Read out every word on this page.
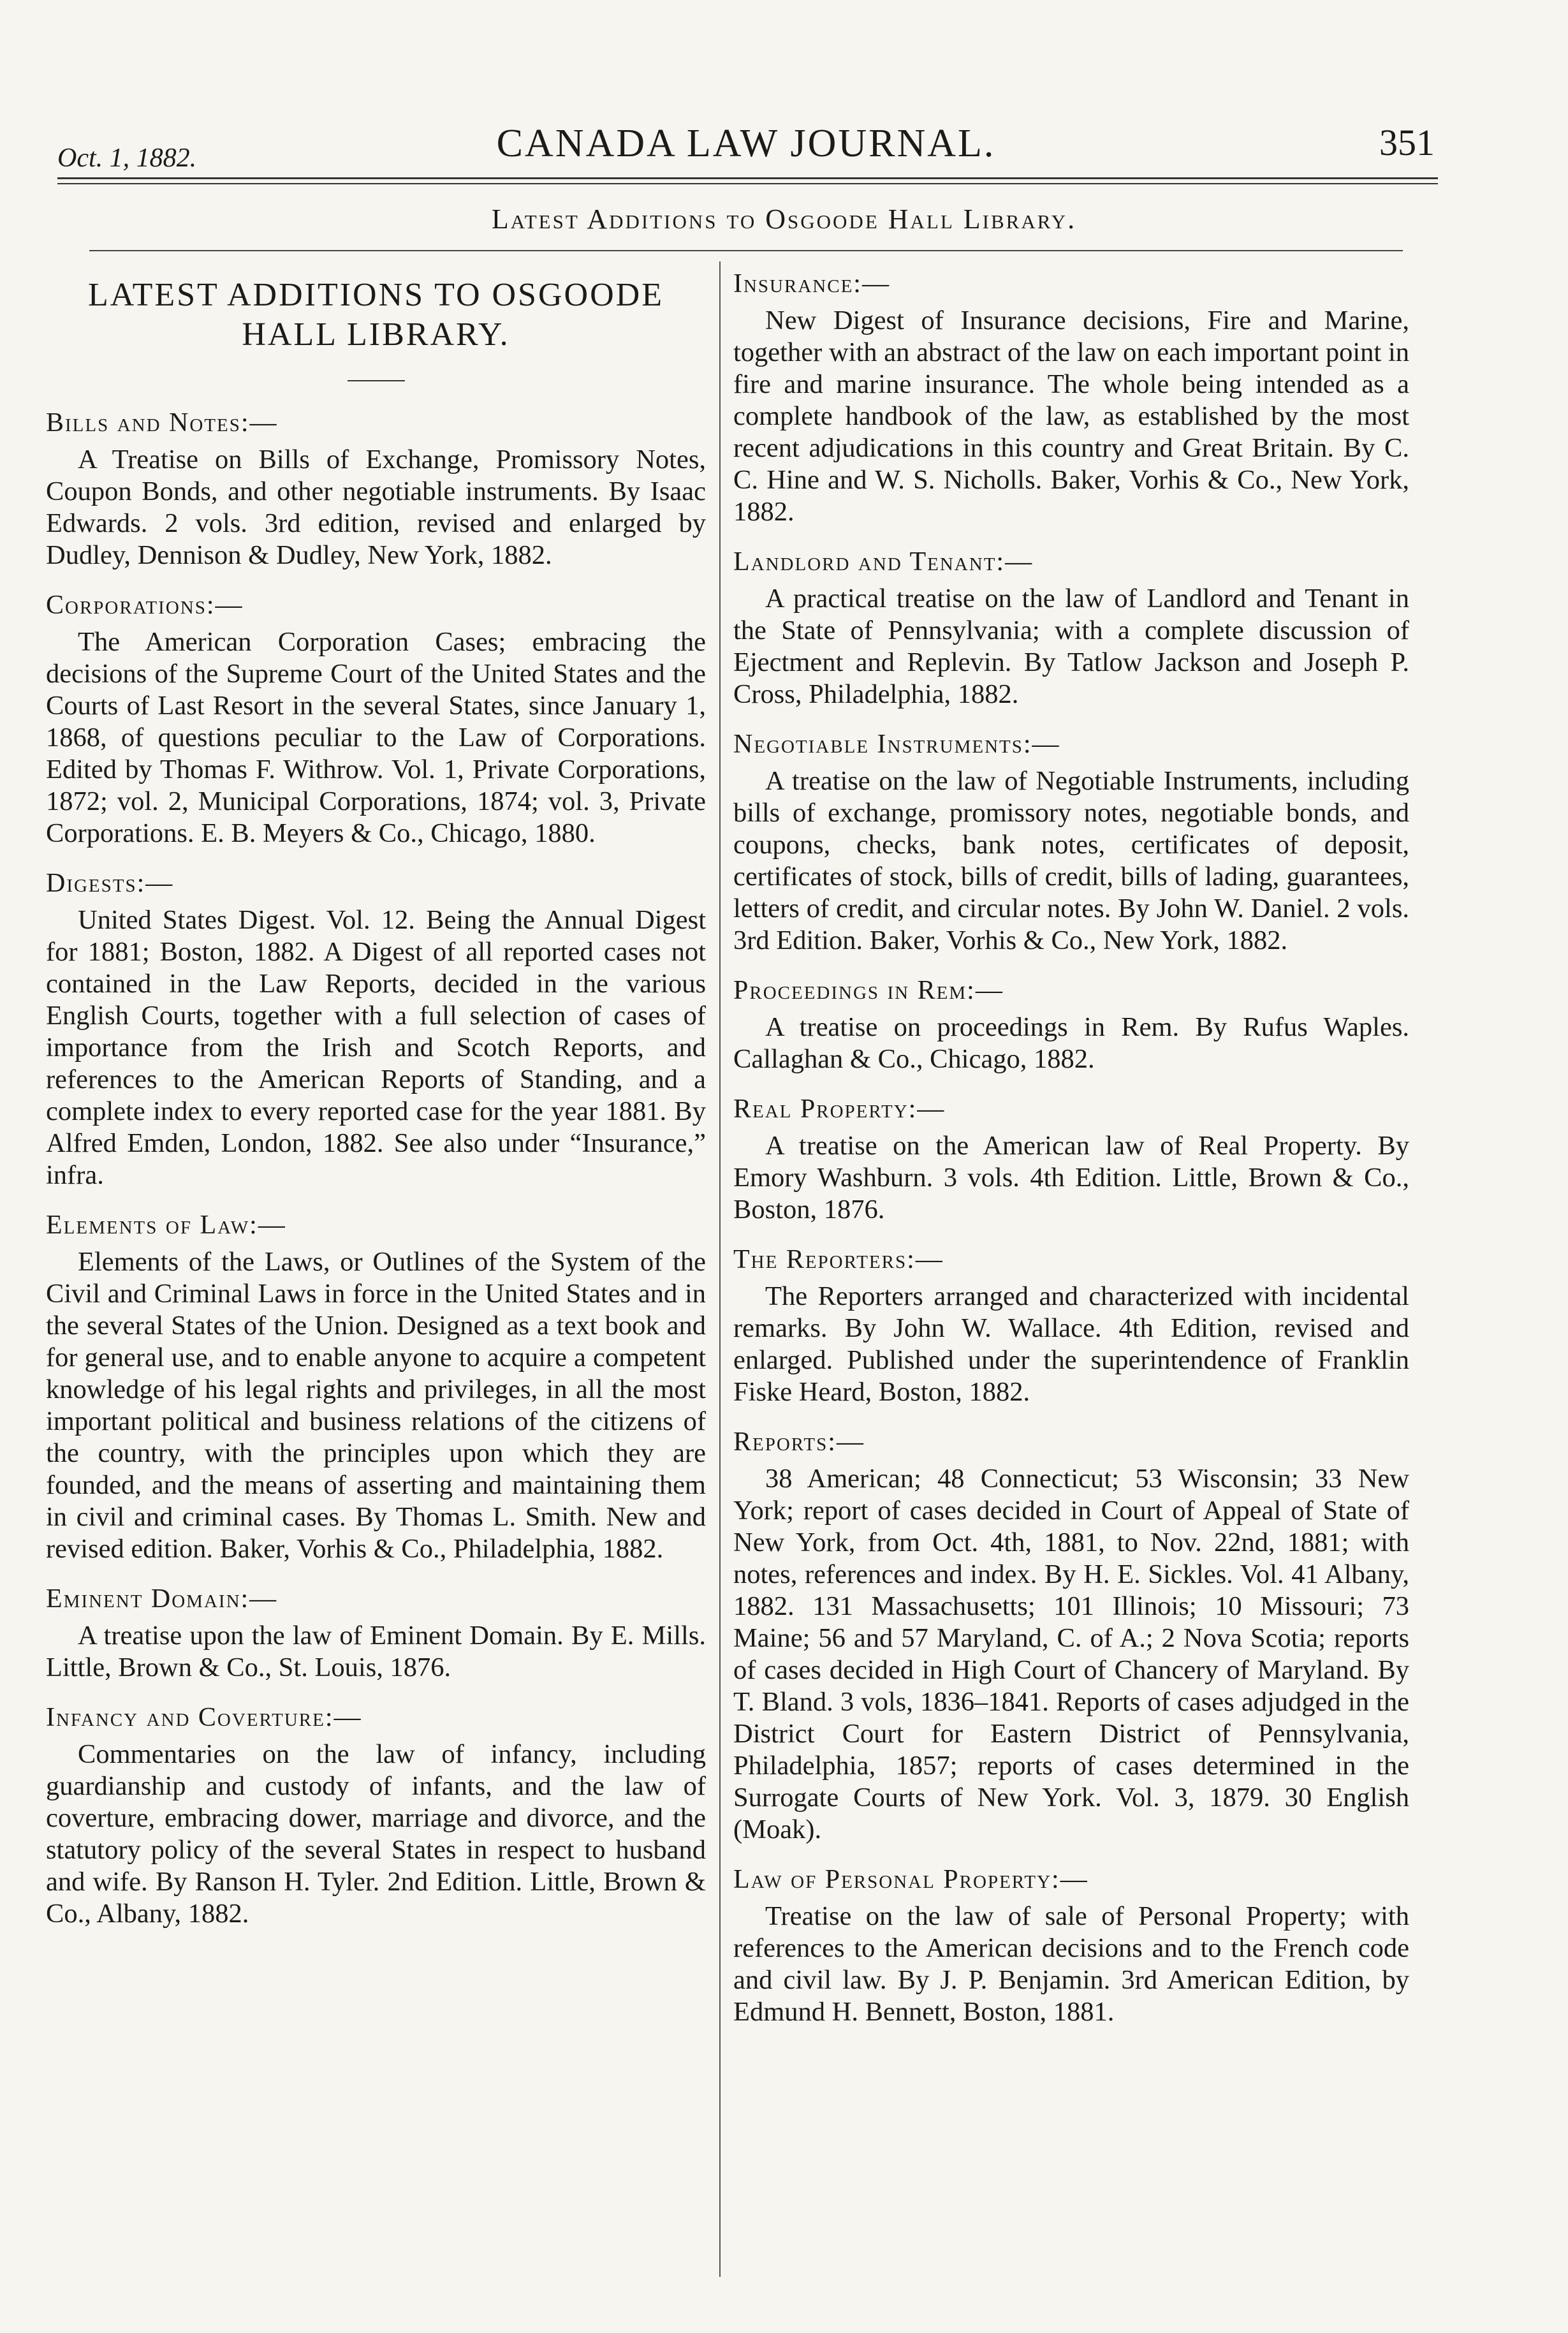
Oct. 1, 1882.	CANADA LAW JOURNAL.	351
Latest Additions to Osgoode Hall Library.
LATEST ADDITIONS TO OSGOODE HALL LIBRARY.
Bills and Notes:—

A Treatise on Bills of Exchange, Promissory Notes, Coupon Bonds, and other negotiable instruments. By Isaac Edwards. 2 vols. 3rd edition, revised and enlarged by Dudley, Dennison & Dudley, New York, 1882.

Corporations:—

The American Corporation Cases; embracing the decisions of the Supreme Court of the United States and the Courts of Last Resort in the several States, since January 1, 1868, of questions peculiar to the Law of Corporations. Edited by Thomas F. Withrow. Vol. 1, Private Corporations, 1872; vol. 2, Municipal Corporations, 1874; vol. 3, Private Corporations. E. B. Meyers & Co., Chicago, 1880.

Digests:—

United States Digest. Vol. 12. Being the Annual Digest for 1881; Boston, 1882. A Digest of all reported cases not contained in the Law Reports, decided in the various English Courts, together with a full selection of cases of importance from the Irish and Scotch Reports, and references to the American Reports of Standing, and a complete index to every reported case for the year 1881. By Alfred Emden, London, 1882. See also under “Insurance,” infra.

Elements of Law:—

Elements of the Laws, or Outlines of the System of the Civil and Criminal Laws in force in the United States and in the several States of the Union. Designed as a text book and for general use, and to enable anyone to acquire a competent knowledge of his legal rights and privileges, in all the most important political and business relations of the citizens of the country, with the principles upon which they are founded, and the means of asserting and maintaining them in civil and criminal cases. By Thomas L. Smith. New and revised edition. Baker, Vorhis & Co., Philadelphia, 1882.

Eminent Domain:—

A treatise upon the law of Eminent Domain. By E. Mills. Little, Brown & Co., St. Louis, 1876.

Infancy and Coverture:—

Commentaries on the law of infancy, including guardianship and custody of infants, and the law of coverture, embracing dower, marriage and divorce, and the statutory policy of the several States in respect to husband and wife. By Ranson H. Tyler. 2nd Edition. Little, Brown & Co., Albany, 1882.

Insurance:—

New Digest of Insurance decisions, Fire and Marine, together with an abstract of the law on each important point in fire and marine insurance. The whole being intended as a complete handbook of the law, as established by the most recent adjudications in this country and Great Britain. By C. C. Hine and W. S. Nicholls. Baker, Vorhis & Co., New York, 1882.

Landlord and Tenant:—

A practical treatise on the law of Landlord and Tenant in the State of Pennsylvania; with a complete discussion of Ejectment and Replevin. By Tatlow Jackson and Joseph P. Cross, Philadelphia, 1882.

Negotiable Instruments:—

A treatise on the law of Negotiable Instruments, including bills of exchange, promissory notes, negotiable bonds, and coupons, checks, bank notes, certificates of deposit, certificates of stock, bills of credit, bills of lading, guarantees, letters of credit, and circular notes. By John W. Daniel. 2 vols. 3rd Edition. Baker, Vorhis & Co., New York, 1882.

Proceedings in Rem:—

A treatise on proceedings in Rem. By Rufus Waples. Callaghan & Co., Chicago, 1882.

Real Property:—

A treatise on the American law of Real Property. By Emory Washburn. 3 vols. 4th Edition. Little, Brown & Co., Boston, 1876.

The Reporters:—

The Reporters arranged and characterized with incidental remarks. By John W. Wallace. 4th Edition, revised and enlarged. Published under the superintendence of Franklin Fiske Heard, Boston, 1882.

Reports:—

38 American; 48 Connecticut; 53 Wisconsin; 33 New York; report of cases decided in Court of Appeal of State of New York, from Oct. 4th, 1881, to Nov. 22nd, 1881; with notes, references and index. By H. E. Sickles. Vol. 41 Albany, 1882. 131 Massachusetts; 101 Illinois; 10 Missouri; 73 Maine; 56 and 57 Maryland, C. of A.; 2 Nova Scotia; reports of cases decided in High Court of Chancery of Maryland. By T. Bland. 3 vols, 1836–1841. Reports of cases adjudged in the District Court for Eastern District of Pennsylvania, Philadelphia, 1857; reports of cases determined in the Surrogate Courts of New York. Vol. 3, 1879. 30 English (Moak).

Law of Personal Property:—

Treatise on the law of sale of Personal Property; with references to the American decisions and to the French code and civil law. By J. P. Benjamin. 3rd American Edition, by Edmund H. Bennett, Boston, 1881.
